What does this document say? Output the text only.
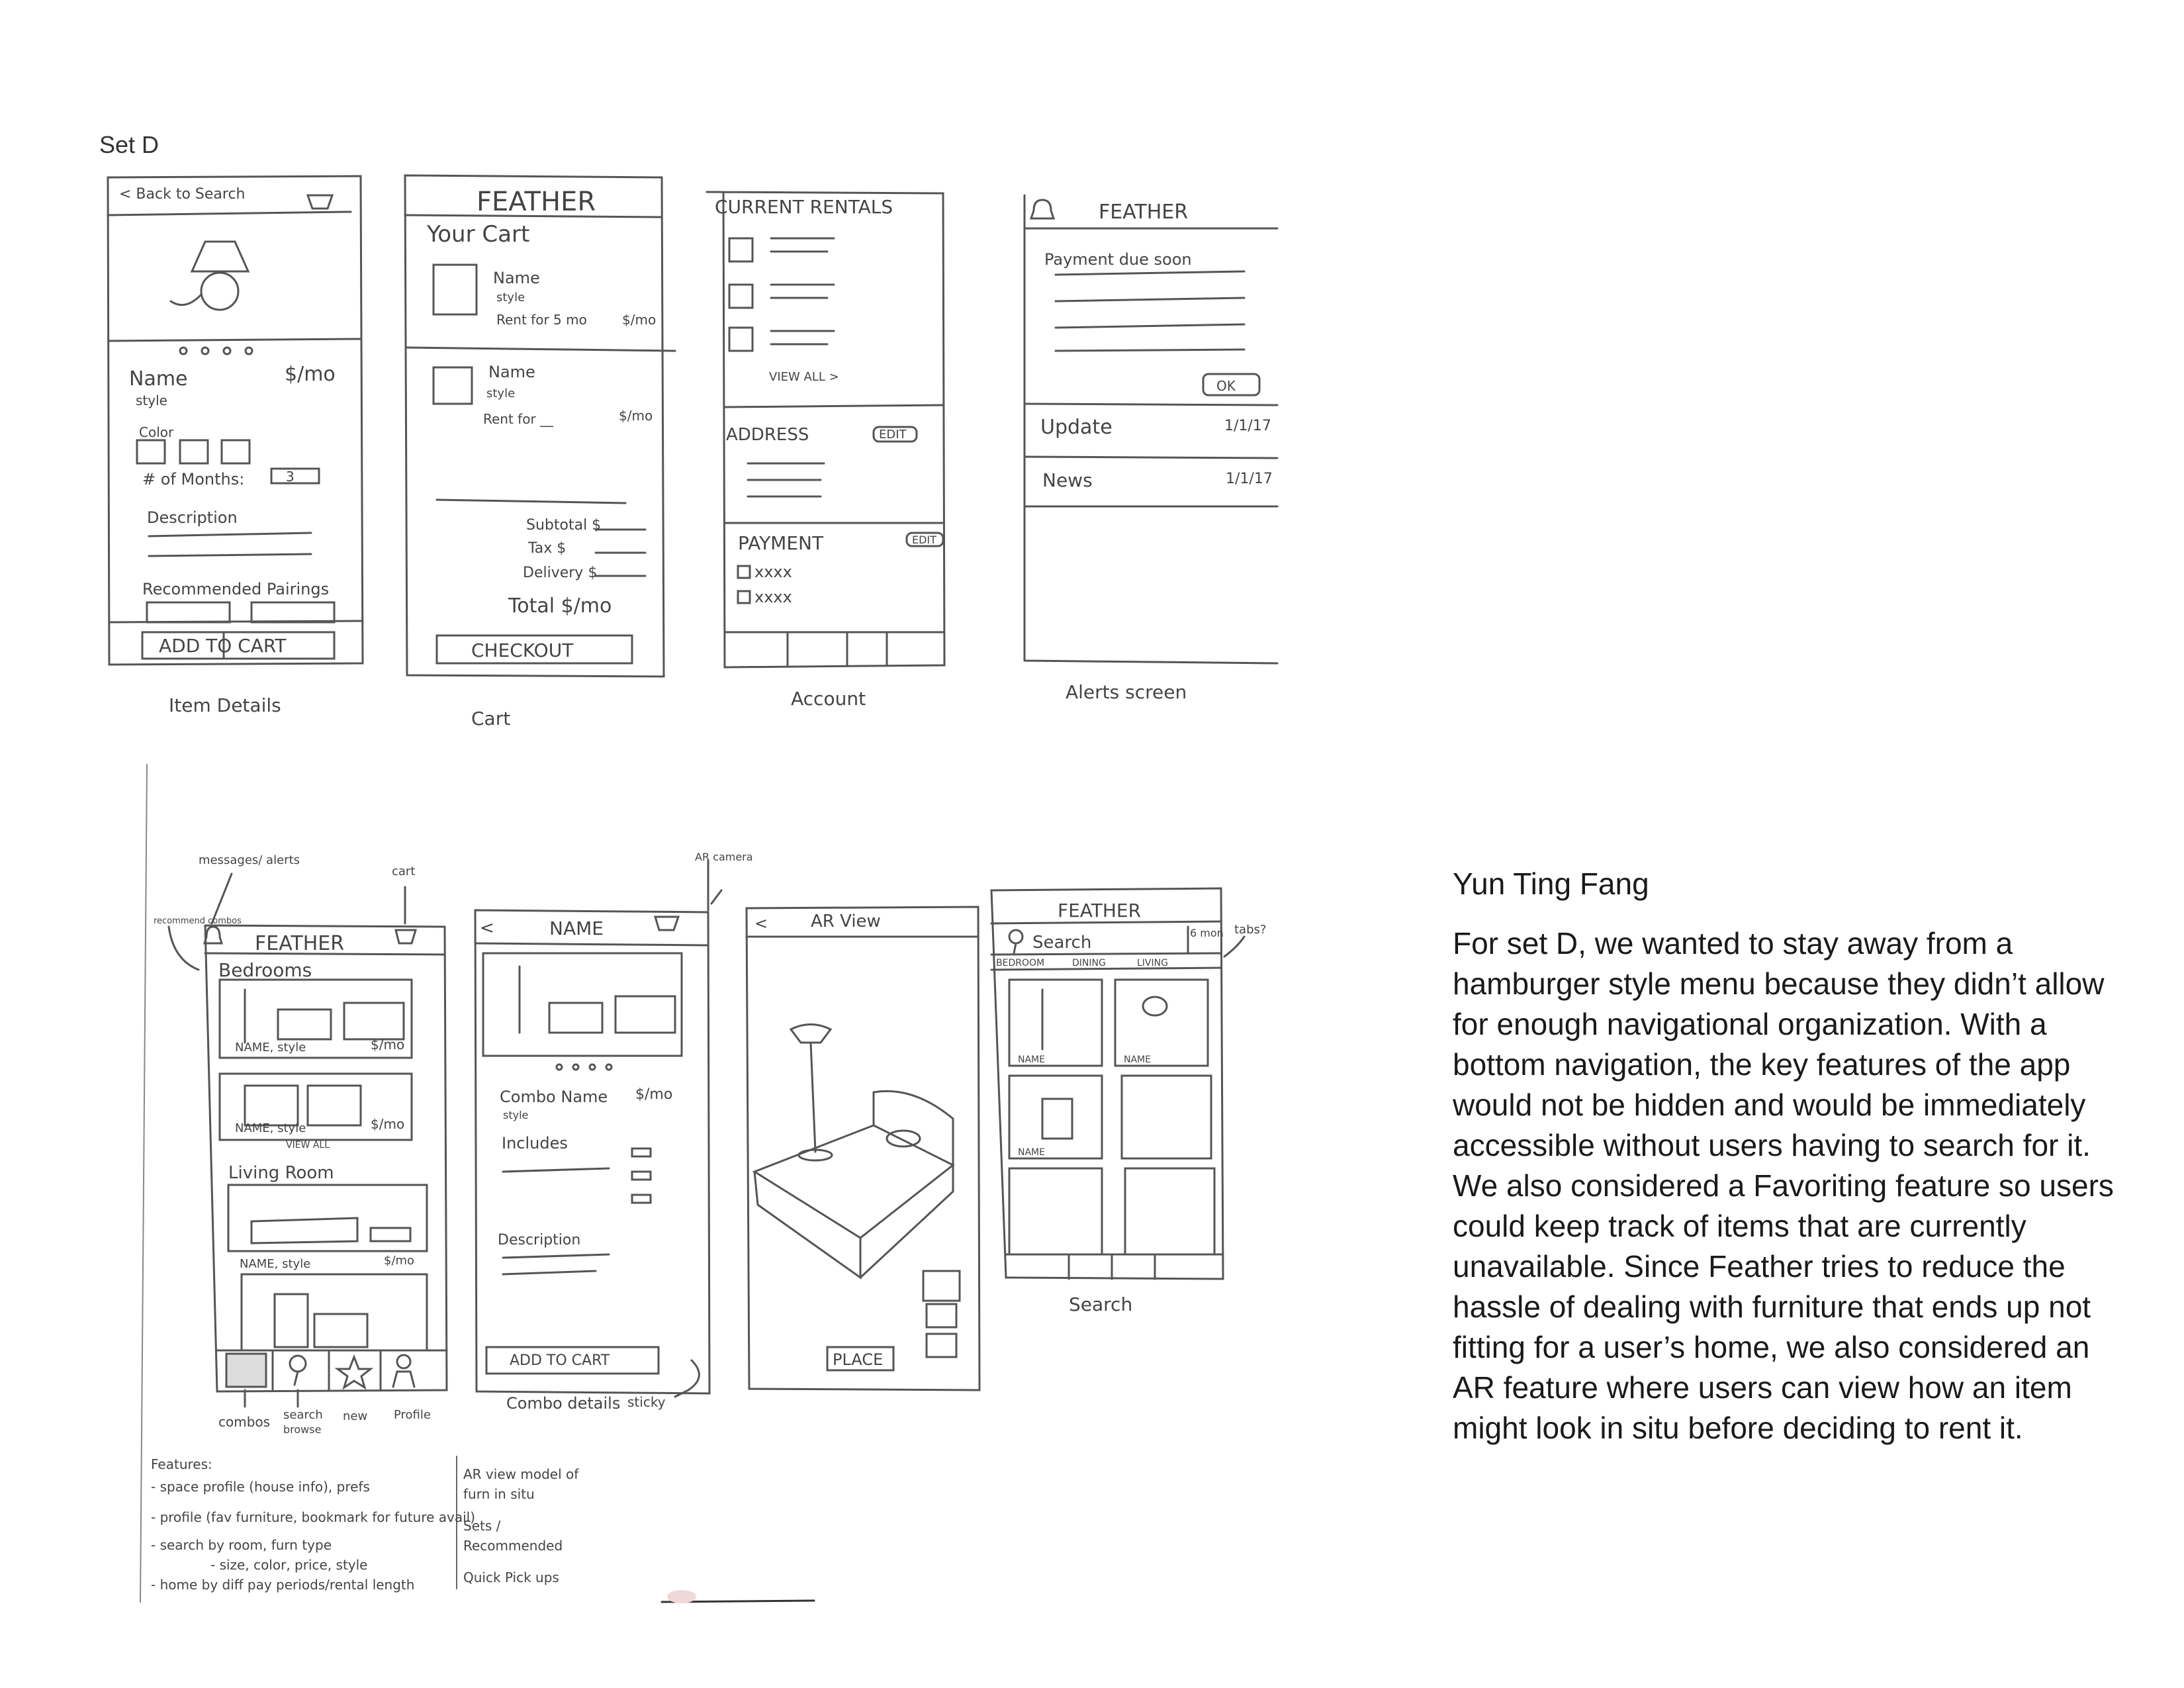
Set D
< Back to Search
Name	$/mo
style
Color
# of Months:	3
Description
Recommended Pairings
ADD TO CART
Item Details
FEATHER
Your Cart
Name
style
Rent for 5 mo	$/mo
Name
style
Rent for __	$/mo
Subtotal $
Tax $
Delivery $
Total $/mo
CHECKOUT
Cart
CURRENT RENTALS
VIEW ALL >
ADDRESS	EDIT
PAYMENT	EDIT
xxxx
xxxx
Account
FEATHER
Payment due soon
OK
Update	1/1/17
News	1/1/17
Alerts screen
FEATHER
Bedrooms
NAME, style	$/mo
NAME, style	$/mo
VIEW ALL
Living Room
NAME, style	$/mo
messages/ alerts
cart
recommend combos
combos search
browse
new Profile
<	NAME
Combo Name $/mo
style
Includes
Description
ADD TO CART
sticky
Combo details
< AR View
PLACE
AR camera
FEATHER
Search	6 mon
BEDROOM	DINING	LIVING
tabs?
NAME	NAME
NAME
Search
Features:
- space profile (house info), prefs
- profile (fav furniture, bookmark for future avail)
- search by room, furn type
- size, color, price, style
- home by diff pay periods/rental length
AR view model of furn in situ
Sets / Recommended
Quick Pick ups
Yun Ting Fang
For set D, we wanted to stay away from a hamburger style menu because they didn’t allow for enough navigational organization. With a bottom navigation, the key features of the app would not be hidden and would be immediately accessible without users having to search for it. We also considered a Favoriting feature so users could keep track of items that are currently unavailable. Since Feather tries to reduce the hassle of dealing with furniture that ends up not fitting for a user’s home, we also considered an AR feature where users can view how an item might look in situ before deciding to rent it.
